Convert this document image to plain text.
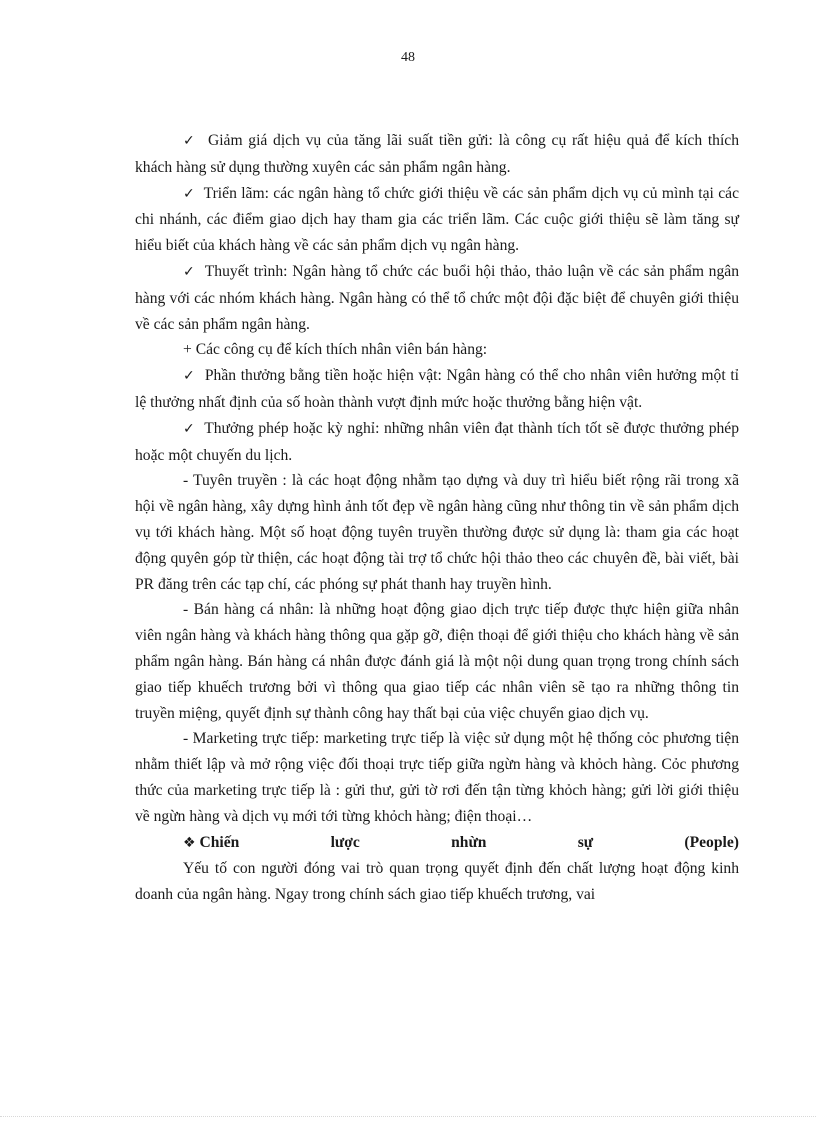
48

✓ Giảm giá dịch vụ của tăng lãi suất tiền gửi: là công cụ rất hiệu quả để kích thích khách hàng sử dụng thường xuyên các sản phẩm ngân hàng.

✓ Triển lãm: các ngân hàng tổ chức giới thiệu về các sản phẩm dịch vụ củ mình tại các chi nhánh, các điểm giao dịch hay tham gia các triển lãm. Các cuộc giới thiệu sẽ làm tăng sự hiểu biết của khách hàng về các sản phẩm dịch vụ ngân hàng.

✓ Thuyết trình: Ngân hàng tổ chức các buổi hội thảo, thảo luận về các sản phẩm ngân hàng với các nhóm khách hàng. Ngân hàng có thể tổ chức một đội đặc biệt để chuyên giới thiệu về các sản phẩm ngân hàng.

+ Các công cụ để kích thích nhân viên bán hàng:

✓ Phần thưởng bằng tiền hoặc hiện vật: Ngân hàng có thể cho nhân viên hưởng một tỉ lệ thưởng nhất định của số hoàn thành vượt định mức hoặc thưởng bằng hiện vật.

✓ Thưởng phép hoặc kỳ nghỉ: những nhân viên đạt thành tích tốt sẽ được thưởng phép hoặc một chuyến du lịch.

- Tuyên truyền : là các hoạt động nhằm tạo dựng và duy trì hiểu biết rộng rãi trong xã hội về ngân hàng, xây dựng hình ảnh tốt đẹp về ngân hàng cũng như thông tin về sản phẩm dịch vụ tới khách hàng. Một số hoạt động tuyên truyền thường được sử dụng là: tham gia các hoạt động quyên góp từ thiện, các hoạt động tài trợ tổ chức hội thảo theo các chuyên đề, bài viết, bài PR đăng trên các tạp chí, các phóng sự phát thanh hay truyền hình.

- Bán hàng cá nhân: là những hoạt động giao dịch trực tiếp được thực hiện giữa nhân viên ngân hàng và khách hàng thông qua gặp gỡ, điện thoại để giới thiệu cho khách hàng về sản phẩm ngân hàng. Bán hàng cá nhân được đánh giá là một nội dung quan trọng trong chính sách giao tiếp khuếch trương bởi vì thông qua giao tiếp các nhân viên sẽ tạo ra những thông tin truyền miệng, quyết định sự thành công hay thất bại của việc chuyển giao dịch vụ.

- Marketing trực tiếp: marketing trực tiếp là việc sử dụng một hệ thống cỏc phương tiện nhằm thiết lập và mở rộng việc đối thoại trực tiếp giữa ngừn hàng và khỏch hàng. Cỏc phương thức của marketing trực tiếp là : gửi thư, gửi tờ rơi đến tận từng khỏch hàng; gửi lời giới thiệu về ngừn hàng và dịch vụ mới tới từng khỏch hàng; điện thoại…

❖ Chiến	lược	nhừn	sự	(People)

Yếu tố con người đóng vai trò quan trọng quyết định đến chất lượng hoạt động kinh doanh của ngân hàng. Ngay trong chính sách giao tiếp khuếch trương, vai
